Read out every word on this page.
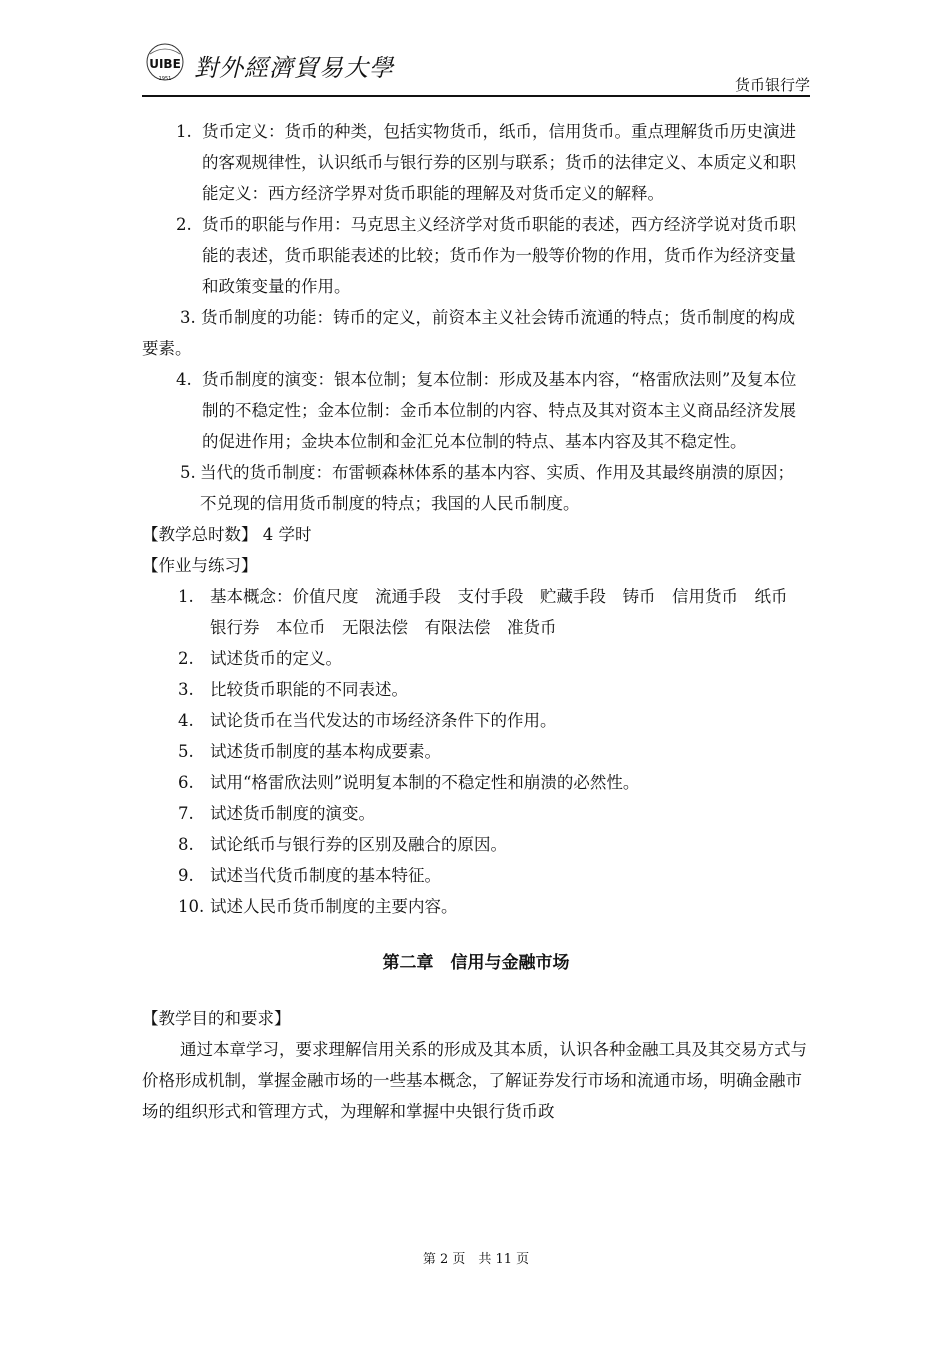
UIBE
1951 對外經濟貿易大學
货币银行学
1. 货币定义：货币的种类，包括实物货币，纸币，信用货币。重点理解货币历史演进的客观规律性，认识纸币与银行券的区别与联系；货币的法律定义、本质定义和职能定义：西方经济学界对货币职能的理解及对货币定义的解释。
2. 货币的职能与作用：马克思主义经济学对货币职能的表述，西方经济学说对货币职能的表述，货币职能表述的比较；货币作为一般等价物的作用，货币作为经济变量和政策变量的作用。
3. 货币制度的功能：铸币的定义，前资本主义社会铸币流通的特点；货币制度的构成要素。
4. 货币制度的演变：银本位制；复本位制：形成及基本内容，“格雷欣法则”及复本位制的不稳定性；金本位制：金币本位制的内容、特点及其对资本主义商品经济发展的促进作用；金块本位制和金汇兑本位制的特点、基本内容及其不稳定性。
5. 当代的货币制度：布雷顿森林体系的基本内容、实质、作用及其最终崩溃的原因；不兑现的信用货币制度的特点；我国的人民币制度。
【教学总时数】 4 学时
【作业与练习】
1. 基本概念：价值尺度　流通手段　支付手段　贮藏手段　铸币　信用货币　纸币　银行券　本位币　无限法偿　有限法偿　准货币
2. 试述货币的定义。
3. 比较货币职能的不同表述。
4. 试论货币在当代发达的市场经济条件下的作用。
5. 试述货币制度的基本构成要素。
6. 试用“格雷欣法则”说明复本制的不稳定性和崩溃的必然性。
7. 试述货币制度的演变。
8. 试论纸币与银行券的区别及融合的原因。
9. 试述当代货币制度的基本特征。
10. 试述人民币货币制度的主要内容。
第二章　信用与金融市场
【教学目的和要求】
通过本章学习，要求理解信用关系的形成及其本质，认识各种金融工具及其交易方式与价格形成机制，掌握金融市场的一些基本概念，了解证券发行市场和流通市场，明确金融市场的组织形式和管理方式，为理解和掌握中央银行货币政
第 2 页　共 11 页
